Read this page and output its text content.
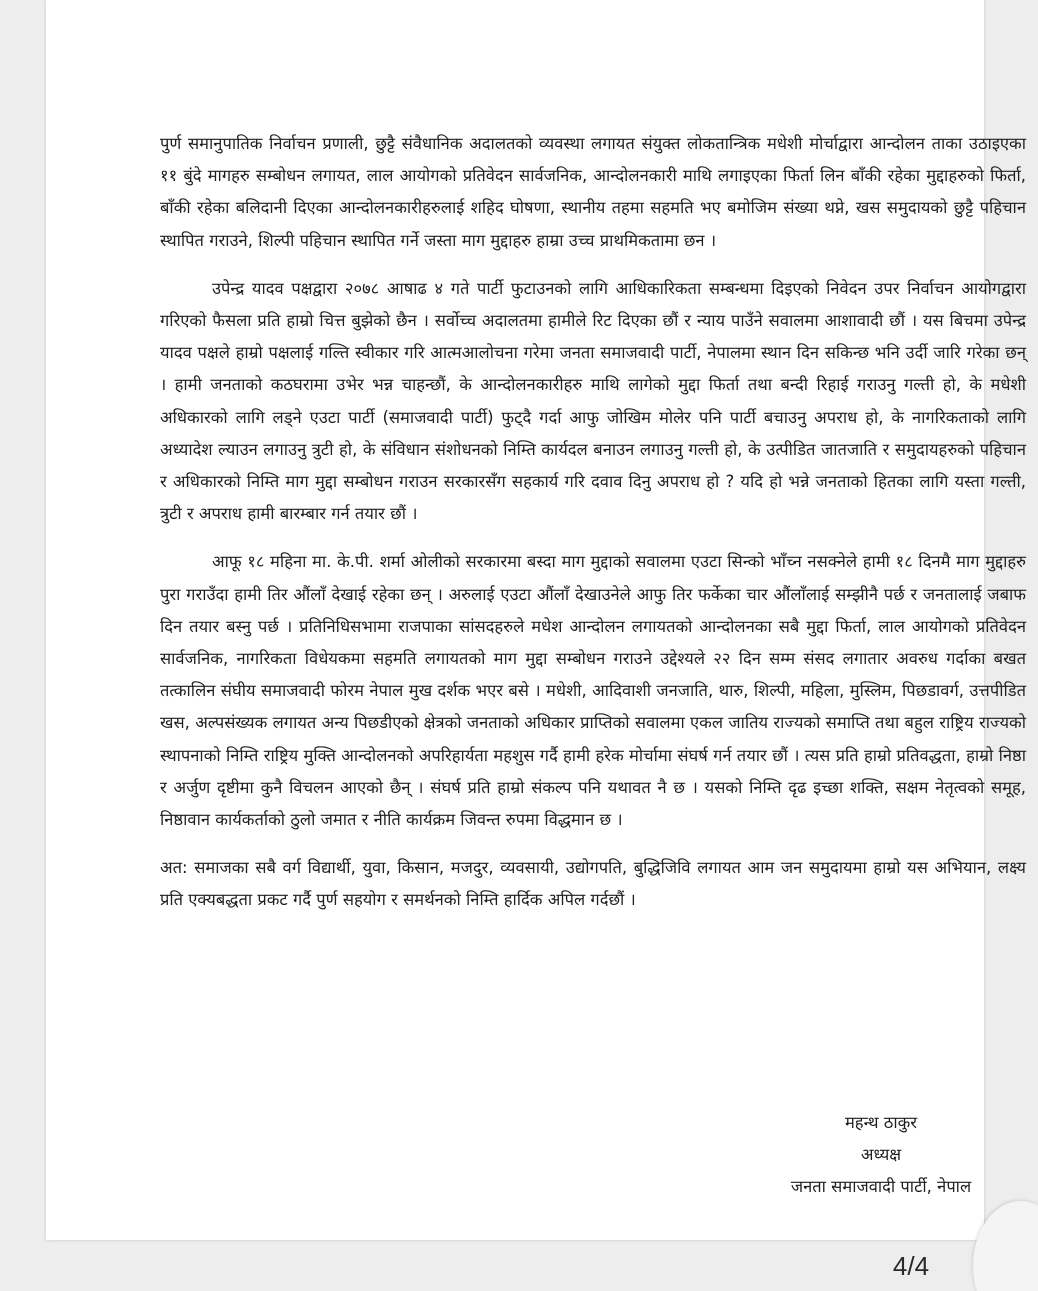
पुर्ण समानुपातिक निर्वाचन प्रणाली, छुट्टै संवैधानिक अदालतको व्यवस्था लगायत संयुक्त लोकतान्त्रिक मधेशी मोर्चाद्वारा आन्दोलन ताका उठाइएका ११ बुंदे मागहरु सम्बोधन लगायत, लाल आयोगको प्रतिवेदन सार्वजनिक, आन्दोलनकारी माथि लगाइएका फिर्ता लिन बाँकी रहेका मुद्दाहरुको फिर्ता, बाँकी रहेका बलिदानी दिएका आन्दोलनकारीहरुलाई शहिद घोषणा, स्थानीय तहमा सहमति भए बमोजिम संख्या थप्ने, खस समुदायको छुट्टै पहिचान स्थापित गराउने, शिल्पी पहिचान स्थापित गर्ने जस्ता माग मुद्दाहरु हाम्रा उच्च प्राथमिकतामा छन ।

उपेन्द्र यादव पक्षद्वारा २०७८ आषाढ ४ गते पार्टी फुटाउनको लागि आधिकारिकता सम्बन्धमा दिइएको निवेदन उपर निर्वाचन आयोगद्वारा गरिएको फैसला प्रति हाम्रो चित्त बुझेको छैन । सर्वोच्च अदालतमा हामीले रिट दिएका छौं र न्याय पाउँने सवालमा आशावादी छौं । यस बिचमा उपेन्द्र यादव पक्षले हाम्रो पक्षलाई गल्ति स्वीकार गरि आत्मआलोचना गरेमा जनता समाजवादी पार्टी, नेपालमा स्थान दिन सकिन्छ भनि उर्दी जारि गरेका छन् । हामी जनताको कठघरामा उभेर भन्न चाहन्छौं, के आन्दोलनकारीहरु माथि लागेको मुद्दा फिर्ता तथा बन्दी रिहाई गराउनु गल्ती हो, के मधेशी अधिकारको लागि लड्ने एउटा पार्टी (समाजवादी पार्टी) फुट्दै गर्दा आफु जोखिम मोलेर पनि पार्टी बचाउनु अपराध हो, के नागरिकताको लागि अध्यादेश ल्याउन लगाउनु त्रुटी हो, के संविधान संशोधनको निम्ति कार्यदल बनाउन लगाउनु गल्ती हो, के उत्पीडित जातजाति र समुदायहरुको पहिचान र अधिकारको निम्ति माग मुद्दा सम्बोधन गराउन सरकारसँग सहकार्य गरि दवाव दिनु अपराध हो ? यदि हो भन्ने जनताको हितका लागि यस्ता गल्ती, त्रुटी र अपराध हामी बारम्बार गर्न तयार छौं ।

आफू १८ महिना मा. के.पी. शर्मा ओलीको सरकारमा बस्दा माग मुद्दाको सवालमा एउटा सिन्को भाँच्न नसक्नेले हामी १८ दिनमै माग मुद्दाहरु पुरा गराउँदा हामी तिर औंलाँ देखाई रहेका छन् । अरुलाई एउटा औंलाँ देखाउनेले आफु तिर फर्केका चार औंलाँलाई सम्झीनै पर्छ र जनतालाई जबाफ दिन तयार बस्नु पर्छ । प्रतिनिधिसभामा राजपाका सांसदहरुले मधेश आन्दोलन लगायतको आन्दोलनका सबै मुद्दा फिर्ता, लाल आयोगको प्रतिवेदन सार्वजनिक, नागरिकता विधेयकमा सहमति लगायतको माग मुद्दा सम्बोधन गराउने उद्देश्यले २२ दिन सम्म संसद लगातार अवरुध गर्दाका बखत तत्कालिन संघीय समाजवादी फोरम नेपाल मुख दर्शक भएर बसे । मधेशी, आदिवाशी जनजाति, थारु, शिल्पी, महिला, मुस्लिम, पिछडावर्ग, उत्तपीडित खस, अल्पसंख्यक लगायत अन्य पिछडीएको क्षेत्रको जनताको अधिकार प्राप्तिको सवालमा एकल जातिय राज्यको समाप्ति तथा बहुल राष्ट्रिय राज्यको स्थापनाको निम्ति राष्ट्रिय मुक्ति आन्दोलनको अपरिहार्यता महशुस गर्दै हामी हरेक मोर्चामा संघर्ष गर्न तयार छौं । त्यस प्रति हाम्रो प्रतिवद्धता, हाम्रो निष्ठा र अर्जुण दृष्टीमा कुनै विचलन आएको छैन् । संघर्ष प्रति हाम्रो संकल्प पनि यथावत नै छ । यसको निम्ति दृढ इच्छा शक्ति, सक्षम नेतृत्वको समूह, निष्ठावान कार्यकर्ताको ठुलो जमात र नीति कार्यक्रम जिवन्त रुपमा विद्धमान छ ।

अत: समाजका सबै वर्ग विद्यार्थी, युवा, किसान, मजदुर, व्यवसायी, उद्योगपति, बुद्धिजिवि लगायत आम जन समुदायमा हाम्रो यस अभियान, लक्ष्य प्रति एक्यबद्धता प्रकट गर्दै पुर्ण सहयोग र समर्थनको निम्ति हार्दिक अपिल गर्दछौं ।

महन्थ ठाकुर
अध्यक्ष
जनता समाजवादी पार्टी, नेपाल
4/4
